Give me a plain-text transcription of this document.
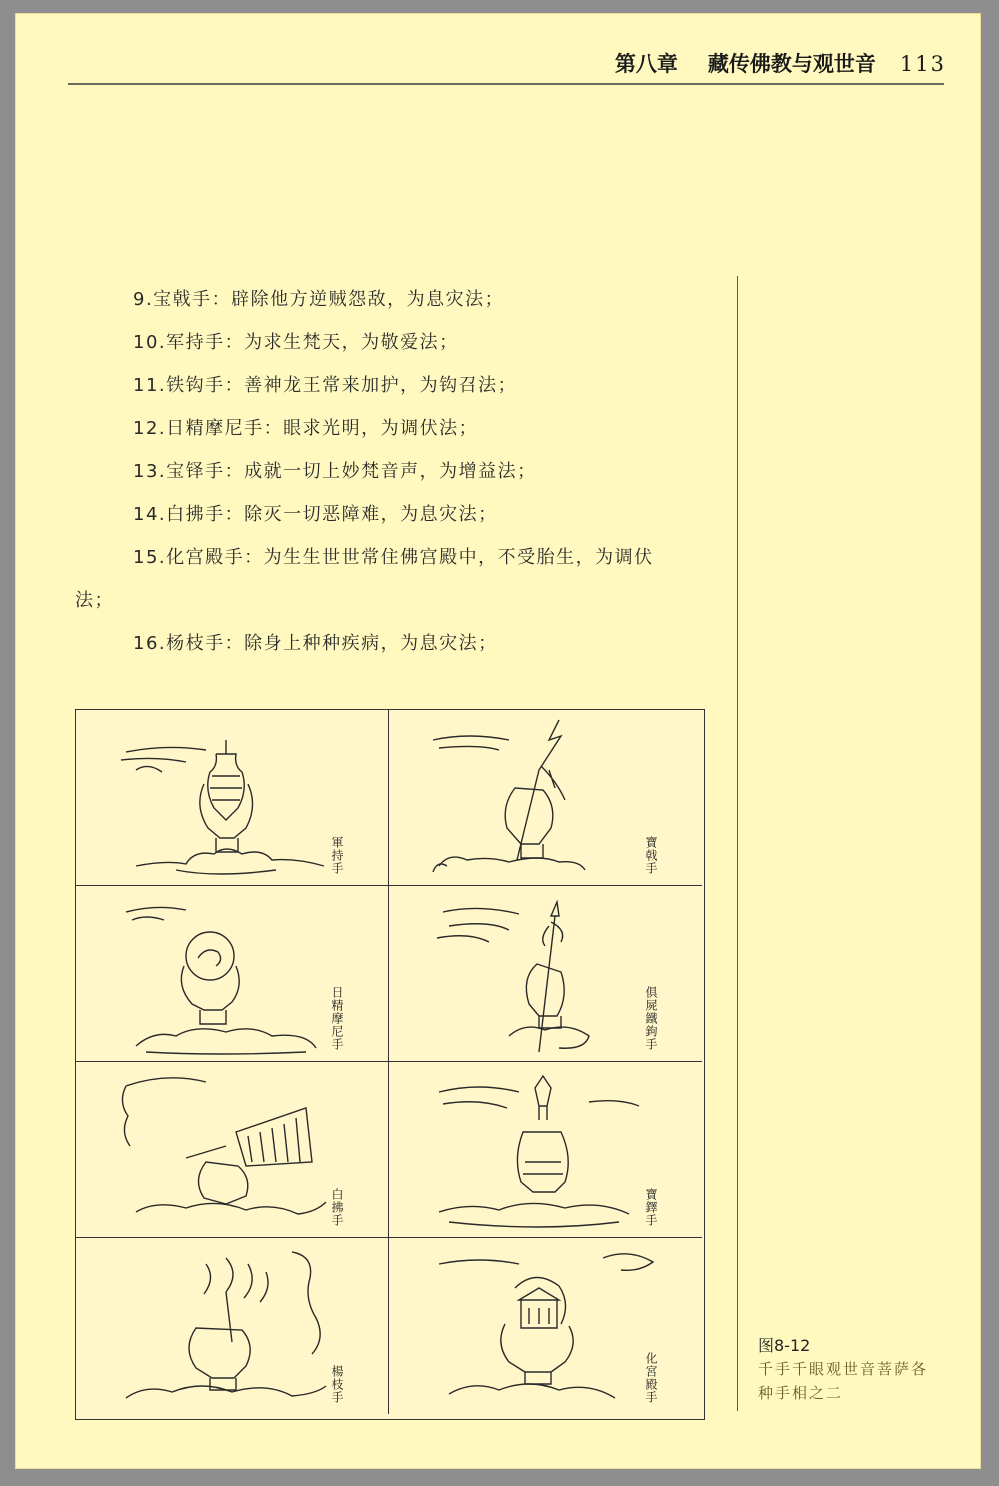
第八章 藏传佛教与观世音 113
9.宝戟手：辟除他方逆贼怨敌，为息灾法；
10.军持手：为求生梵天，为敬爱法；
11.铁钩手：善神龙王常来加护，为钩召法；
12.日精摩尼手：眼求光明，为调伏法；
13.宝铎手：成就一切上妙梵音声，为增益法；
14.白拂手：除灭一切恶障难，为息灾法；
15.化宫殿手：为生生世世常住佛宫殿中，不受胎生，为调伏
法；
16.杨枝手：除身上种种疾病，为息灾法；
軍持手	寶戟手
日精摩尼手	俱屍鐵鉤手
白拂手	寶鐸手
楊枝手	化宮殿手
图8-12
千手千眼观世音菩萨各
种手相之二
